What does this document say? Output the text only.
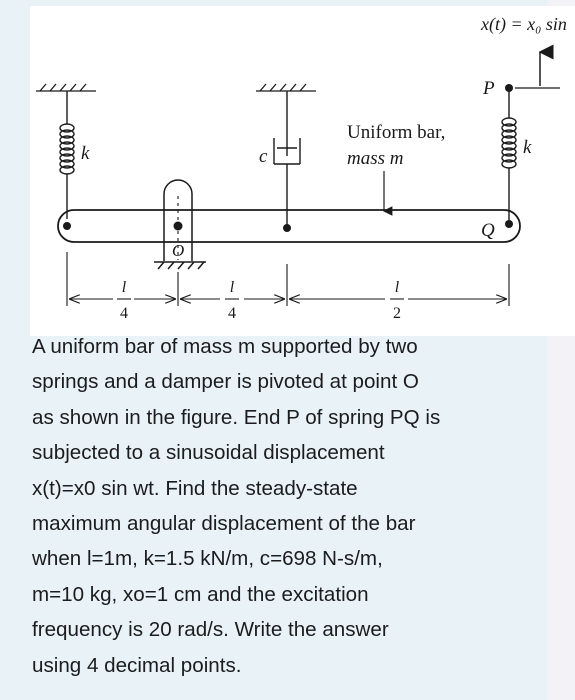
k	c
Uniform bar,
mass m
Q
O
P
k
x(t) = x₀ sin
l
4
l
4
l
2

A uniform bar of mass m supported by two

springs and a damper is pivoted at point O

as shown in the figure. End P of spring PQ is

subjected to a sinusoidal displacement

x(t)=x0 sin wt. Find the steady-state

maximum angular displacement of the bar

when l=1m, k=1.5 kN/m, c=698 N-s/m,

m=10 kg, xo=1 cm and the excitation

frequency is 20 rad/s. Write the answer

using 4 decimal points.
